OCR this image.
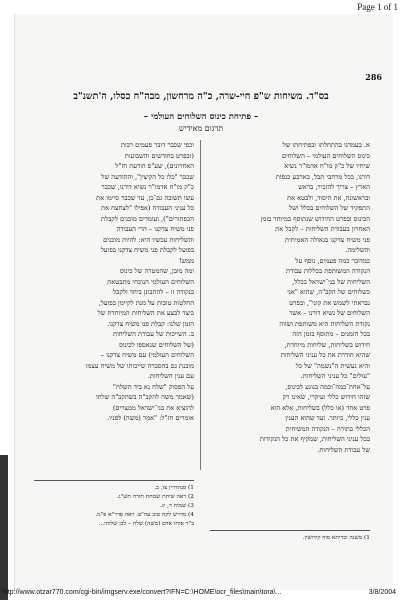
Page 1 of 1
286
בס"ד. משיחות ש"פ חיי-שרה, כ"ה מרחשון, מבה"ח כסלו, ה'תשנ"ב
– פתיחת כינוס השלוחים העולמי –
תרגום מאידיש
א. בעמדנו בהתחלתו ובפתיחתו של
כינוס השלוחים העולמי – השלוחים
שיחיו של כ"ק מו"ח אדמו"ר נשיא
דורנו, בכל מרחבי תבל, בארבע כנפות
הארץ – צריך להזכיר, בראש
ובראשונה, את היסוד, ולבטא את
התפקיד של השלוחים בכלל ושל
הכינוס ובפרט החידוש שנתוסף במיוחד בזמן
האחרון בעבודת השליחות – לקבל את
פני משיח צדקנו בגאולה האמיתית
והשלימה.
כמדובר כמה פעמים, נוסף על
הנקודה המשותפת בכללות עבודת
השליחות של בני־ישראל בכלל,
כשלוחים של הקב"ה, שהוא "אני
נבראתי לשמש את קוני", ובפרט
השלוחים של נשיא דורנו – אשר
נקודת השליחות היא משותפת ושווה
בכל הזמנים – מתוסף בזמן הזה
חידוש בשליחות, שליחות מיוחדת,
שהיא חודרת את כל עניני השליחות
והיא נעשית ה"נשמה" של כל
"עולים" כל עניני השליחות.
על־אחת־כמה־וכמה בנוגע לכינוס,
שזהו חידוש כללי ועיקרי, שאינו רק
פרט אחד (או כלל) בשליחות, אלא הוא
ענין כללי, ביותר. ועד שהוא הענין
הכללי בתורה – הנקודה המשיחית
בכל עניני השליחות, שמקיף את כל הנקודות
של עבודת השליחות.
וכפי שכבר דובר פעמים רבות
(ובפרט בחודשים והשבועות
האחרונים), שע"פ הודעת חז"ל
שכבר "כלו כל הקיצין", וההודעה של
כ"ק מו"ח אדמו"ר נשיא דורנו, שכבר
עשו תשובה גם־כן, עד שכבר סיימו את
כל עניני העבודה (אפילו "לצחצח את
הכפתורים"), ועומדים מוכנים לקבלת
פני משיח צדקנו – הרי העבודה
והשליחות עכשיו היא: להיות מוכנים
בפועל לקבלת פני משיח צדקנו בפועל
ממש!
ומה מובן, שהמטרה של כינוס
השלוחים העולמי הנוכחי מתבטאת
בנקודה זו – להתבונן ביחד ולקבל
החלטות טובות על מנת לקיימן בפועל,
כיצד לבצע את השליחות המיוחדת של
הזמן שלנו: קבלת פני משיח צדקנו.
ב. השייכות של עבודת השליחות
(של השלוחים שנאספו לכינוס
השלוחים העולמי) עם משיח צדקנו –
מובנת גם בהסברה שייכותו של משיח עצמו
עם ענין השליחות.
על הפסוק "שלח נא ביד תשלח"
(שאמר משה להקב"ה בשהקב"ה שלחו
להוציא את בני־ישראל ממצרים)
אומרים חז"ל: "אמר (משה) לפניו.
1) סנהדרין צז, ב.
2) ראה שיחת שמחת תורה תש"ג.
3) שמות ד, יג.
4) מדרש לקח טוב עה"פ. ראה פדר"א פ"מ.
ב"ר אותו אדם (משה) שלח – לבן שלוחו...
1) משנה ובריתא סוף קידושין.
http://www.otzar770.com/cgi-bin/imgserv.exe/convert?IFN=C:\HOME\ocr_files\main\tora\...	3/8/2004
